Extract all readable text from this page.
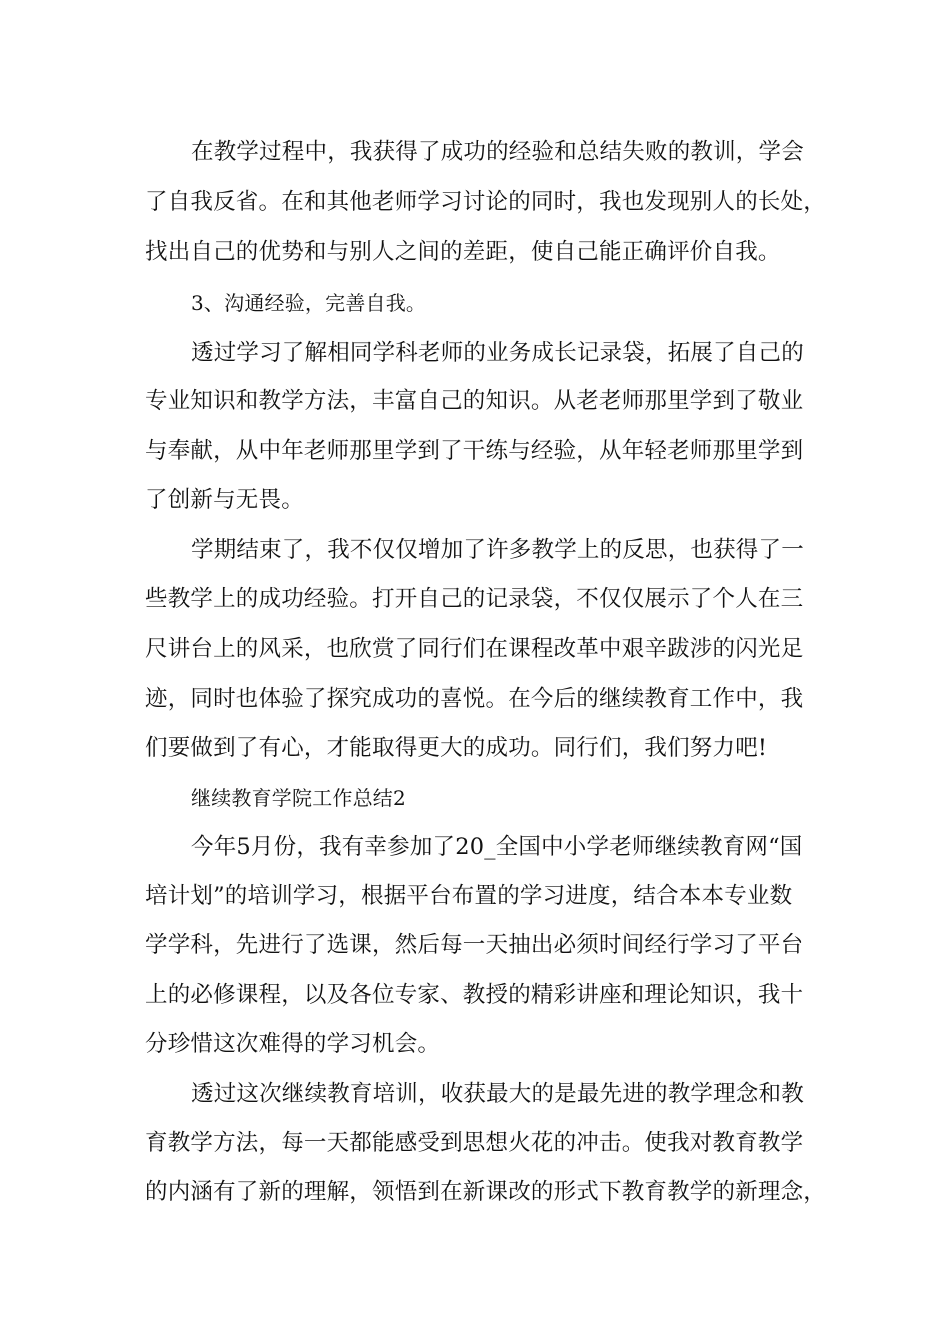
在教学过程中，我获得了成功的经验和总结失败的教训，学会

了自我反省。在和其他老师学习讨论的同时，我也发现别人的长处，

找出自己的优势和与别人之间的差距，使自己能正确评价自我。

3、沟通经验，完善自我。

透过学习了解相同学科老师的业务成长记录袋，拓展了自己的

专业知识和教学方法，丰富自己的知识。从老老师那里学到了敬业

与奉献，从中年老师那里学到了干练与经验，从年轻老师那里学到

了创新与无畏。

学期结束了，我不仅仅增加了许多教学上的反思，也获得了一

些教学上的成功经验。打开自己的记录袋，不仅仅展示了个人在三

尺讲台上的风采，也欣赏了同行们在课程改革中艰辛跋涉的闪光足

迹，同时也体验了探究成功的喜悦。在今后的继续教育工作中，我

们要做到了有心，才能取得更大的成功。同行们，我们努力吧!

继续教育学院工作总结2

今年5月份，我有幸参加了20_全国中小学老师继续教育网“国

培计划”的培训学习，根据平台布置的学习进度，结合本本专业数

学学科，先进行了选课，然后每一天抽出必须时间经行学习了平台

上的必修课程，以及各位专家、教授的精彩讲座和理论知识，我十

分珍惜这次难得的学习机会。

透过这次继续教育培训，收获最大的是最先进的教学理念和教

育教学方法，每一天都能感受到思想火花的冲击。使我对教育教学

的内涵有了新的理解，领悟到在新课改的形式下教育教学的新理念，
